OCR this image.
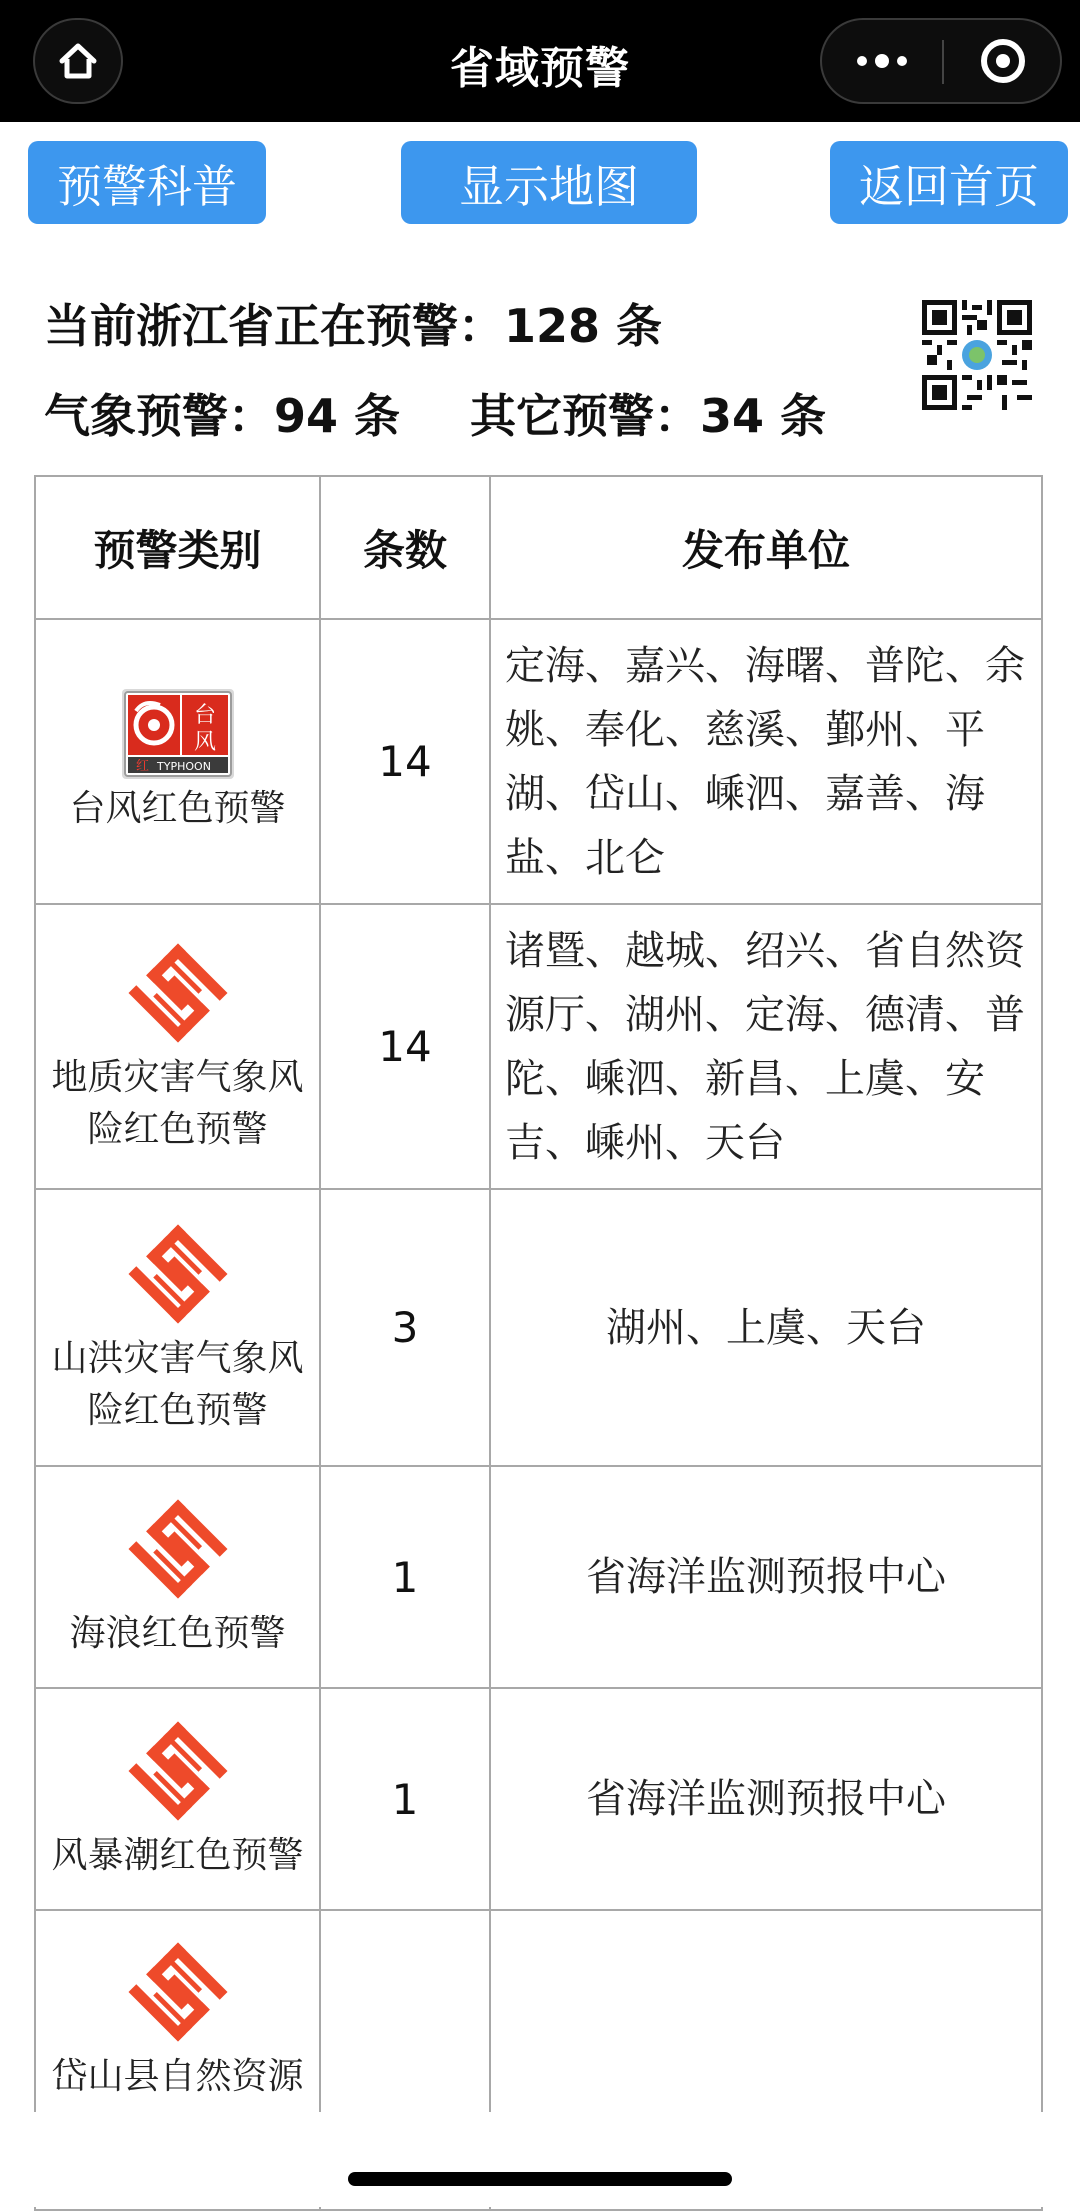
省域预警
预警科普	显示地图	返回首页
当前浙江省正在预警：128 条
气象预警：94 条 其它预警：34 条
预警类别	条数	发布单位

台
风
红 TYPHOON
台风红色预警	14	定海、嘉兴、海曙、普陀、余姚、奉化、慈溪、鄞州、平湖、岱山、嵊泗、嘉善、海盐、北仑

地质灾害气象风
险红色预警	14	诸暨、越城、绍兴、省自然资源厅、湖州、定海、德清、普陀、嵊泗、新昌、上虞、安吉、嵊州、天台

山洪灾害气象风
险红色预警	3	湖州、上虞、天台

海浪红色预警	1	省海洋监测预报中心

风暴潮红色预警	1	省海洋监测预报中心

岱山县自然资源		
